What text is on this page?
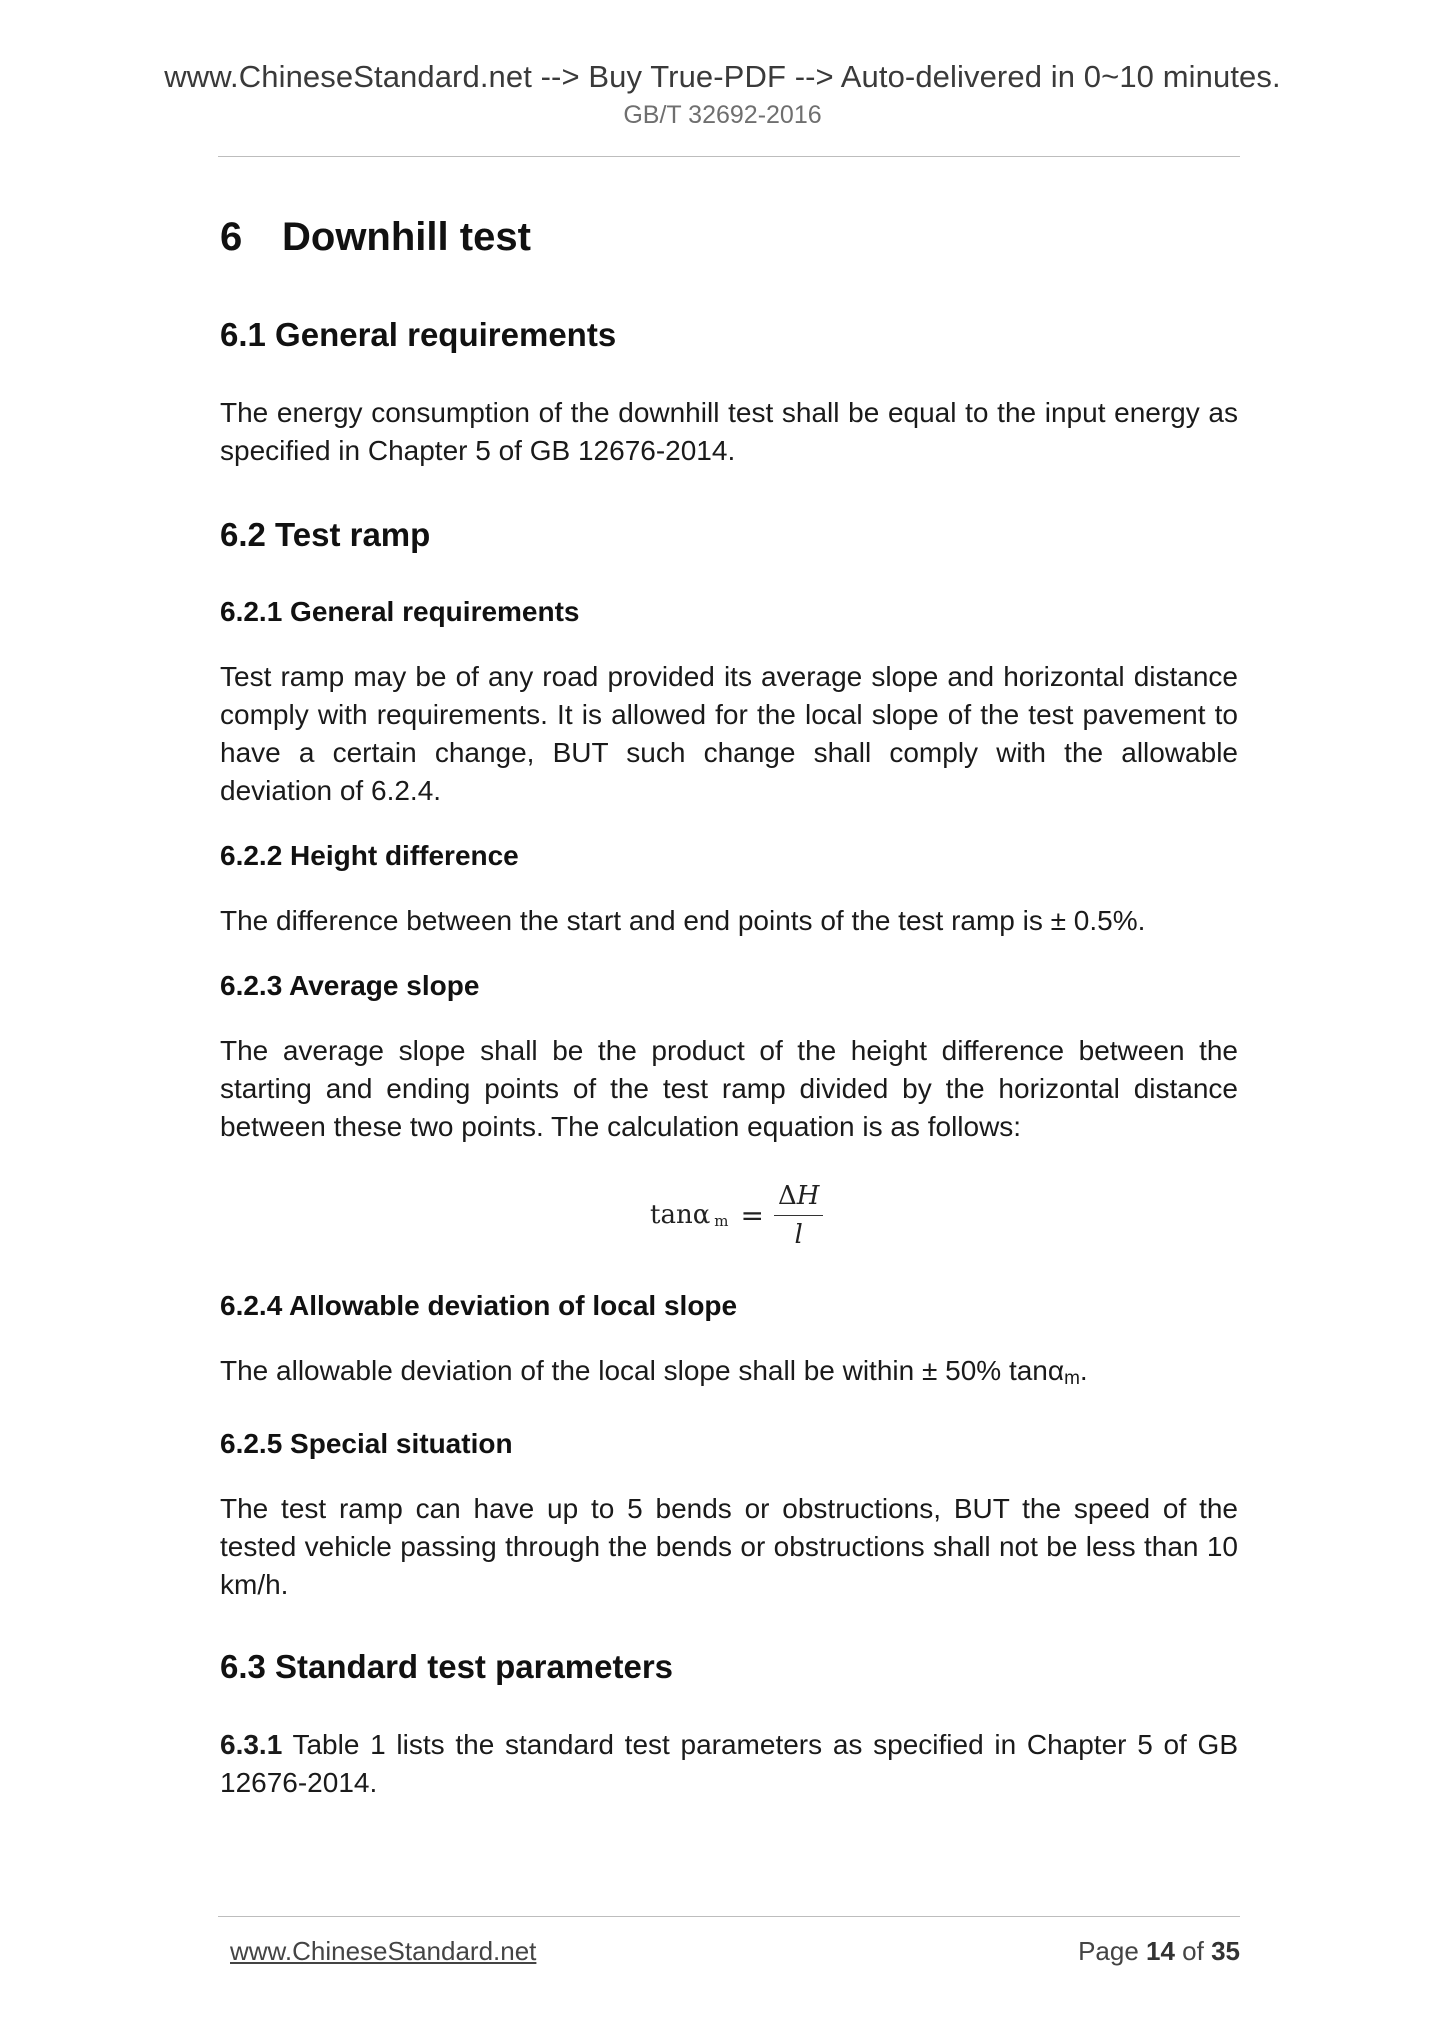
www.ChineseStandard.net --> Buy True-PDF --> Auto-delivered in 0~10 minutes.
GB/T 32692-2016
6 Downhill test
6.1 General requirements

The energy consumption of the downhill test shall be equal to the input energy as specified in Chapter 5 of GB 12676-2014.

6.2 Test ramp
6.2.1 General requirements

Test ramp may be of any road provided its average slope and horizontal distance comply with requirements. It is allowed for the local slope of the test pavement to have a certain change, BUT such change shall comply with the allowable deviation of 6.2.4.

6.2.2 Height difference

The difference between the start and end points of the test ramp is ± 0.5%.

6.2.3 Average slope

The average slope shall be the product of the height difference between the starting and ending points of the test ramp divided by the horizontal distance between these two points. The calculation equation is as follows:

tanα $m = \frac{\Delta H}{l}$
6.2.4 Allowable deviation of local slope

The allowable deviation of the local slope shall be within ± 50% tanαm.

6.2.5 Special situation

The test ramp can have up to 5 bends or obstructions, BUT the speed of the tested vehicle passing through the bends or obstructions shall not be less than 10 km/h.

6.3 Standard test parameters

6.3.1 Table 1 lists the standard test parameters as specified in Chapter 5 of GB 12676-2014.

www.ChineseStandard.net	Page 14 of 35
